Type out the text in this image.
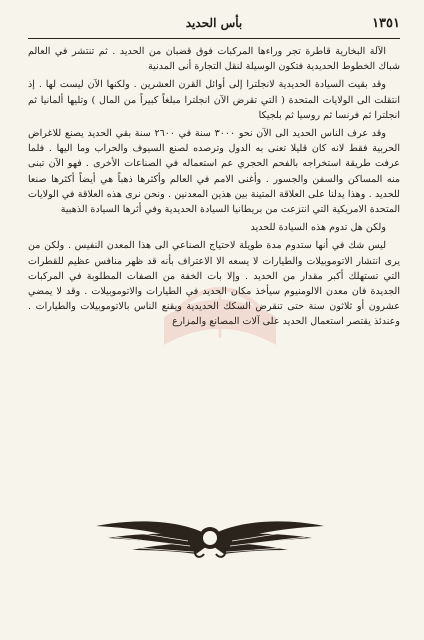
بأس الحديد	١٣٥١

الآلة البخارية قاطرة تجر وراءها المركبات فوق قضبان من الحديد . ثم تنتشر في العالم شباك الخطوط الحديدية فتكون الوسيلة لنقل التجارة أنى المدنية

وقد بقيت السيادة الحديدية لانجلترا إلى أوائل القرن العشرين . ولكنها الآن ليست لها . إذ انتقلت الى الولايات المتحدة ( التي تقرض الآن انجلترا مبلغاً كبيراً من المال ) وتليها ألمانيا ثم انجلترا ثم فرنسا ثم روسيا ثم بلجيكا

وقد عرف الناس الحديد الى الآن نحو ٣٠٠٠ سنة في ٢٦٠٠ سنة بقي الحديد يصنع للاغراض الحربية فقط لانه كان قليلا تعنى به الدول وترصده لصنع السيوف والحراب وما اليها . فلما عرفت طريقة استخراجه بالفحم الحجري عم استعماله في الصناعات الأخرى . فهو الآن تبنى منه المساكن والسفن والجسور . وأغنى الامم في العالم وأكثرها ذهباً هي أيضاً أكثرها صنعا للحديد . وهذا يدلنا على العلاقة المتينة بين هذين المعدنين . ونحن نرى هذه العلاقة في الولايات المتحدة الامريكية التي انتزعت من بريطانيا السيادة الحديدية وفي أثرها السيادة الذهبية

ولكن هل تدوم هذه السيادة للحديد

ليس شك في أنها ستدوم مدة طويلة لاحتياج الصناعي الى هذا المعدن النفيس . ولكن من يرى انتشار الاتوموبيلات والطيارات لا يسعه الا الاعتراف بأنه قد ظهر منافس عظيم للقطرات التي تستهلك أكبر مقدار من الحديد . وإلا بات الخفة من الصفات المطلوبة في المركبات الجديدة فان معدن الالومنيوم سيأخذ مكان الحديد في الطيارات والاتوموبيلات . وقد لا يمضي عشرون أو ثلاثون سنة حتى تنقرض السكك الحديدية ويقنع الناس بالاتوموبيلات والطيارات . وعندئذ يقتصر استعمال الحديد على آلات المصانع والمزارع
